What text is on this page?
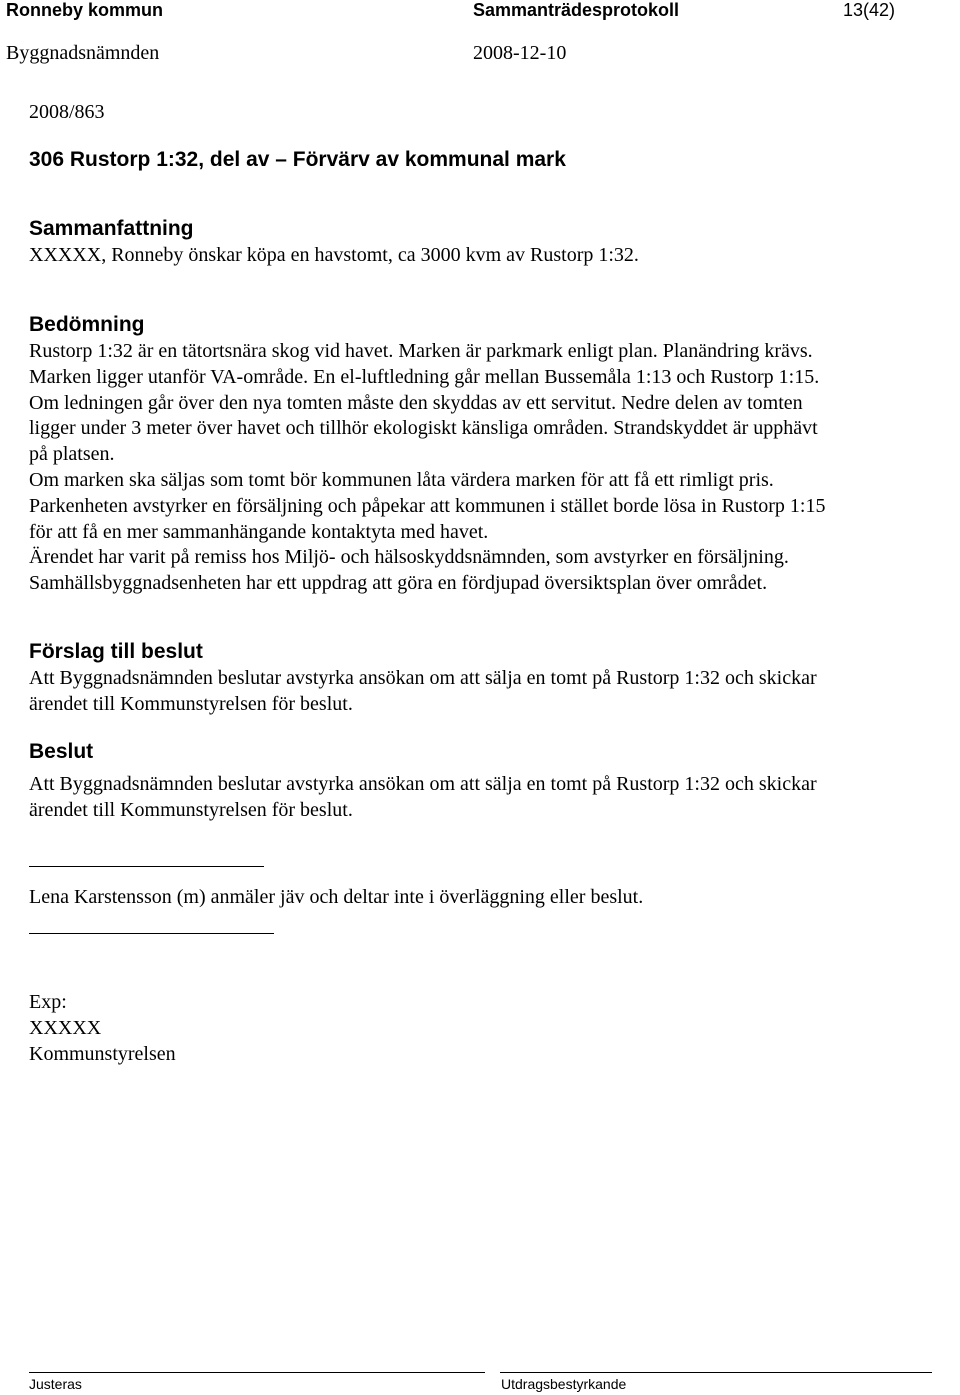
Ronneby kommun	Sammanträdesprotokoll	13(42)
Byggnadsnämnden	2008-12-10
2008/863
306 Rustorp 1:32, del av – Förvärv av kommunal mark
Sammanfattning
XXXXX, Ronneby önskar köpa en havstomt, ca 3000 kvm av Rustorp 1:32.
Bedömning
Rustorp 1:32 är en tätortsnära skog vid havet. Marken är parkmark enligt plan. Planändring krävs.
Marken ligger utanför VA-område. En el-luftledning går mellan Bussemåla 1:13 och Rustorp 1:15.
Om ledningen går över den nya tomten måste den skyddas av ett servitut. Nedre delen av tomten
ligger under 3 meter över havet och tillhör ekologiskt känsliga områden. Strandskyddet är upphävt
på platsen.
Om marken ska säljas som tomt bör kommunen låta värdera marken för att få ett rimligt pris.
Parkenheten avstyrker en försäljning och påpekar att kommunen i stället borde lösa in Rustorp 1:15
för att få en mer sammanhängande kontaktyta med havet.
Ärendet har varit på remiss hos Miljö- och hälsoskyddsnämnden, som avstyrker en försäljning.
Samhällsbyggnadsenheten har ett uppdrag att göra en fördjupad översiktsplan över området.
Förslag till beslut
Att Byggnadsnämnden beslutar avstyrka ansökan om att sälja en tomt på Rustorp 1:32 och skickar
ärendet till Kommunstyrelsen för beslut.
Beslut
Att Byggnadsnämnden beslutar avstyrka ansökan om att sälja en tomt på Rustorp 1:32 och skickar
ärendet till Kommunstyrelsen för beslut.
Lena Karstensson (m) anmäler jäv och deltar inte i överläggning eller beslut.
Exp:
XXXXX
Kommunstyrelsen
Justeras	Utdragsbestyrkande
